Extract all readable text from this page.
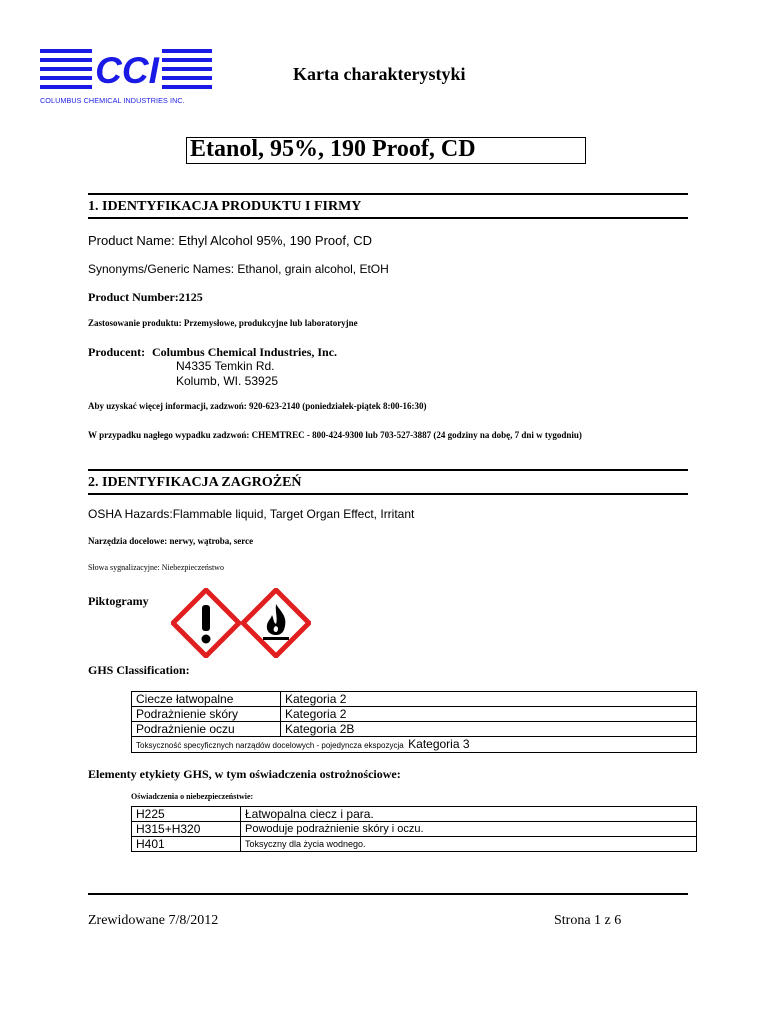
CCI
COLUMBUS CHEMICAL INDUSTRIES INC.
Karta charakterystyki
Etanol, 95%, 190 Proof, CD
1. IDENTYFIKACJA PRODUKTU I FIRMY
Product Name: Ethyl Alcohol 95%, 190 Proof, CD
Synonyms/Generic Names: Ethanol, grain alcohol, EtOH
Product Number:2125
Zastosowanie produktu: Przemysłowe, produkcyjne lub laboratoryjne
Producent: Columbus Chemical Industries, Inc.
N4335 Temkin Rd.
Kolumb, WI. 53925
Aby uzyskać więcej informacji, zadzwoń: 920-623-2140 (poniedziałek-piątek 8:00-16:30)
W przypadku nagłego wypadku zadzwoń: CHEMTREC - 800-424-9300 lub 703-527-3887 (24 godziny na dobę, 7 dni w tygodniu)
2. IDENTYFIKACJA ZAGROŻEŃ
OSHA Hazards:Flammable liquid, Target Organ Effect, Irritant
Narzędzia docelowe: nerwy, wątroba, serce
Słowa sygnalizacyjne: Niebezpieczeństwo
Piktogramy
GHS Classification:
Ciecze łatwopalne	Kategoria 2
Podrażnienie skóry	Kategoria 2
Podrażnienie oczu	Kategoria 2B
Toksyczność specyficznych narządów docelowych - pojedyncza ekspozycja Kategoria 3	
Elementy etykiety GHS, w tym oświadczenia ostrożnościowe:
Oświadczenia o niebezpieczeństwie:
H225	Łatwopalna ciecz i para.
H315+H320	Powoduje podrażnienie skóry i oczu.
H401	Toksyczny dla życia wodnego.
Zrewidowane 7/8/2012	Strona 1 z 6
